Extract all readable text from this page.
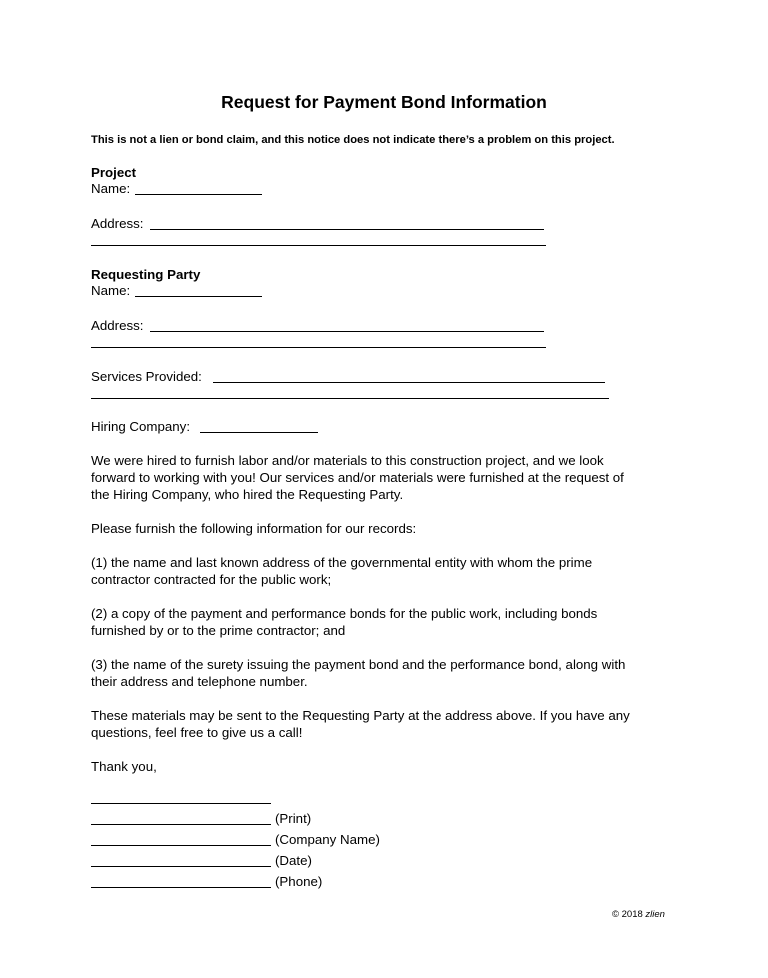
Request for Payment Bond Information
This is not a lien or bond claim, and this notice does not indicate there’s a problem on this project.
Project
Name:
Address:
Requesting Party
Name:
Address:
Services Provided:
Hiring Company:
We were hired to furnish labor and/or materials to this construction project, and we look
forward to working with you! Our services and/or materials were furnished at the request of
the Hiring Company, who hired the Requesting Party.
Please furnish the following information for our records:
(1) the name and last known address of the governmental entity with whom the prime
contractor contracted for the public work;
(2) a copy of the payment and performance bonds for the public work, including bonds
furnished by or to the prime contractor; and
(3) the name of the surety issuing the payment bond and the performance bond, along with
their address and telephone number.
These materials may be sent to the Requesting Party at the address above. If you have any
questions, feel free to give us a call!
Thank you,
(Print)
(Company Name)
(Date)
(Phone)
© 2018 zlien
